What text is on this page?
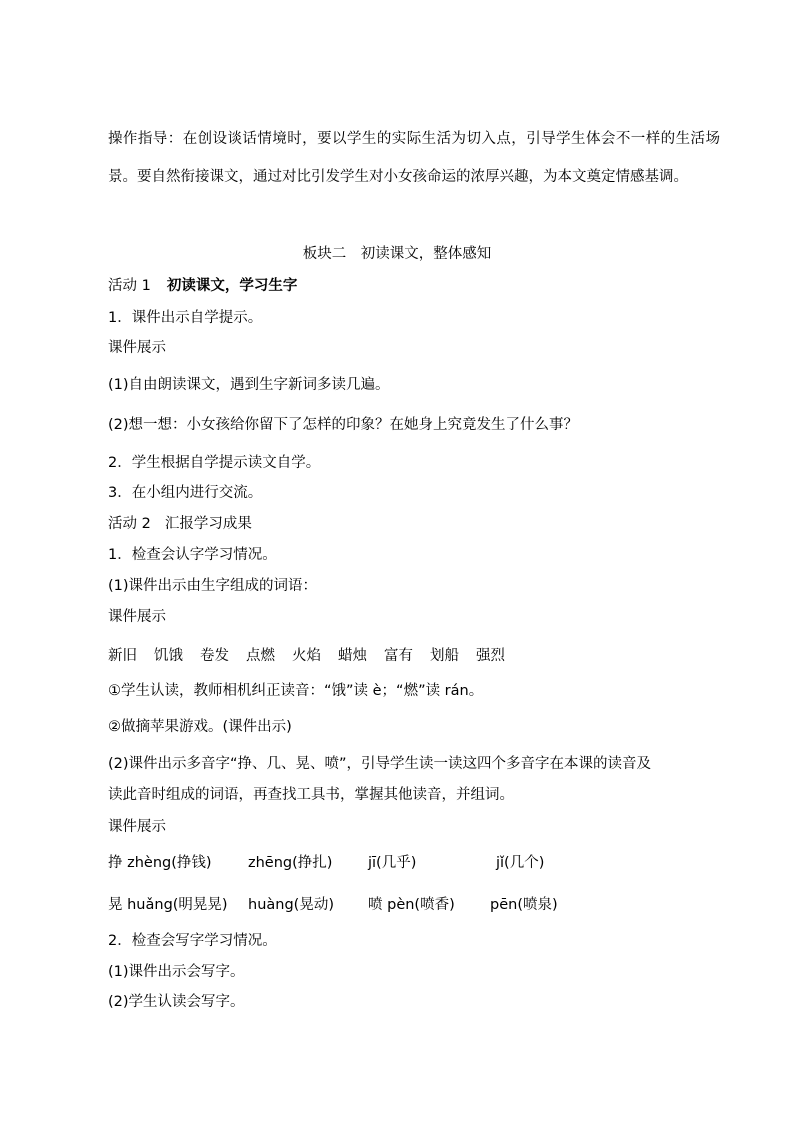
操作指导：在创设谈话情境时，要以学生的实际生活为切入点，引导学生体会不一样的生活场景。要自然衔接课文，通过对比引发学生对小女孩命运的浓厚兴趣，为本文奠定情感基调。
板块二　初读课文，整体感知
活动 1 初读课文，学习生字
1．课件出示自学提示。
课件展示
(1)自由朗读课文，遇到生字新词多读几遍。
(2)想一想：小女孩给你留下了怎样的印象？在她身上究竟发生了什么事？
2．学生根据自学提示读文自学。
3．在小组内进行交流。
活动 2 汇报学习成果
1．检查会认字学习情况。
(1)课件出示由生字组成的词语：
课件展示
新旧 饥饿 卷发 点燃 火焰 蜡烛 富有 划船 强烈
①学生认读，教师相机纠正读音：“饿”读 è；“燃”读 rán。
②做摘苹果游戏。(课件出示)
(2)课件出示多音字“挣、几、晃、喷”，引导学生读一读这四个多音字在本课的读音及
读此音时组成的词语，再查找工具书，掌握其他读音，并组词。
课件展示
挣 zhèng(挣钱)	zhēng(挣扎) jī(几乎)	jǐ(几个)
晃 huǎng(明晃晃) huàng(晃动) 喷 pèn(喷香) pēn(喷泉)
2．检查会写字学习情况。
(1)课件出示会写字。
(2)学生认读会写字。
